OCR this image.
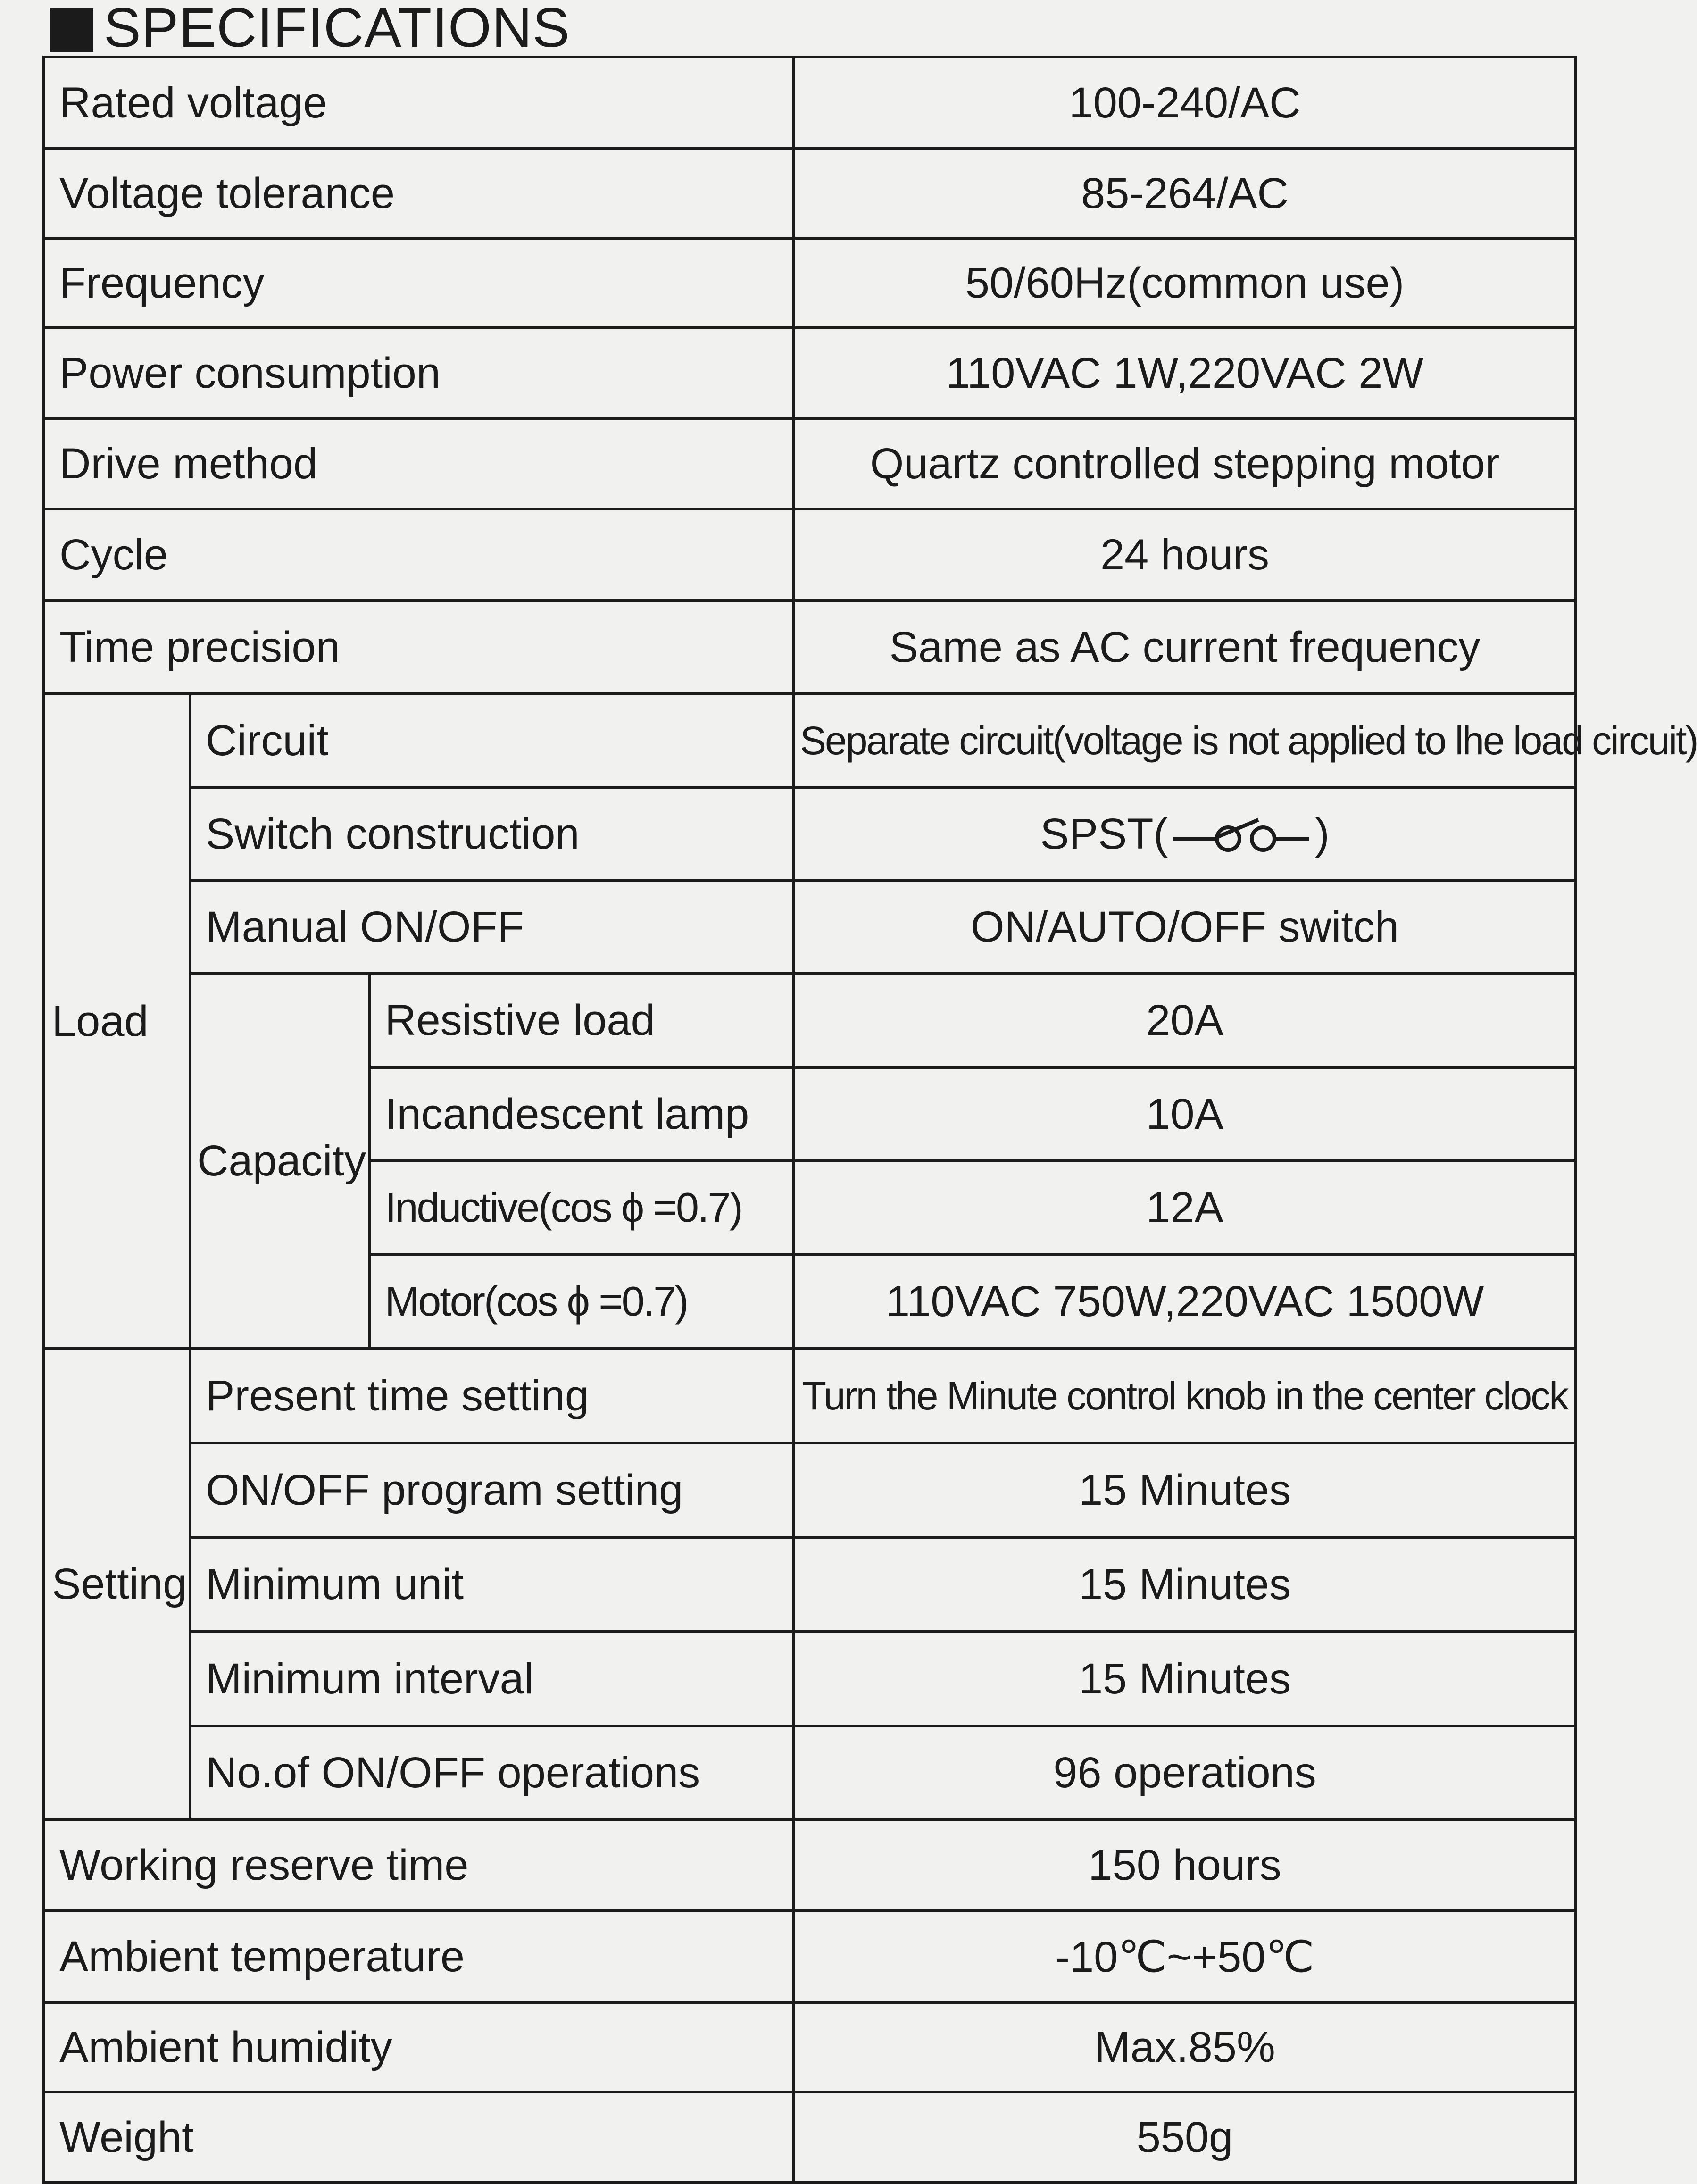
SPECIFICATIONS
Rated voltage			100-240/AC
Voltage tolerance			85-264/AC
Frequency			50/60Hz(common use)
Power consumption			110VAC 1W,220VAC 2W
Drive method			Quartz controlled stepping motor
Cycle			24 hours
Time precision			Same as AC current frequency
Load	Circuit		Separate circuit(voltage is not applied to lhe load circuit)
	Switch construction		SPST( )
	Manual ON/OFF		ON/AUTO/OFF switch
	Capacity	Resistive load	20A
		Incandescent lamp	10A
		Inductive(cos ϕ =0.7)	12A
		Motor(cos ϕ =0.7)	110VAC 750W,220VAC 1500W
Setting	Present time setting		Turn the Minute control knob in the center clock
	ON/OFF program setting		15 Minutes
	Minimum unit		15 Minutes
	Minimum interval		15 Minutes
	No.of ON/OFF operations		96 operations
Working reserve time			150 hours
Ambient temperature			-10℃~+50℃
Ambient humidity			Max.85%
Weight			550g
